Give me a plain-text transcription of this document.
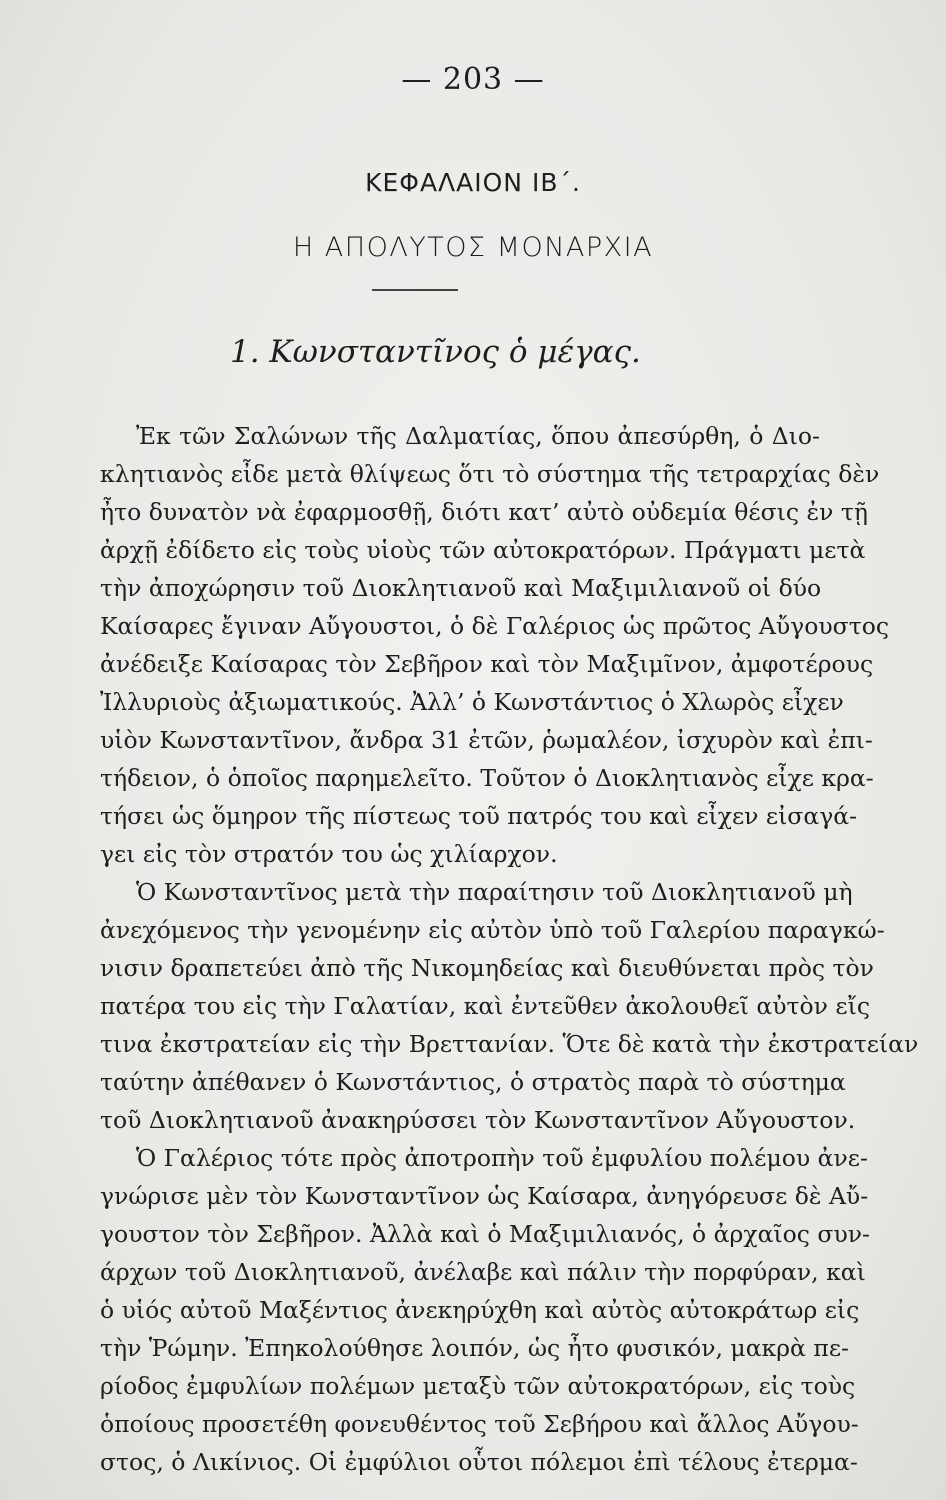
— 203 —
ΚΕΦΑΛΑΙΟΝ ΙΒ΄.
Η ΑΠΟΛΥΤΟΣ ΜΟΝΑΡΧΙΑ
1. Κωνσταντῖνος ὁ μέγας.
Ἐκ τῶν Σαλώνων τῆς Δαλματίας, ὅπου ἀπεσύρθη, ὁ Διο-
κλητιανὸς εἶδε μετὰ θλίψεως ὅτι τὸ σύστημα τῆς τετραρχίας δὲν
ἦτο δυνατὸν νὰ ἐφαρμοσθῇ, διότι κατ’ αὐτὸ οὐδεμία θέσις ἐν τῇ
ἀρχῇ ἐδίδετο εἰς τοὺς υἱοὺς τῶν αὐτοκρατόρων. Πράγματι μετὰ
τὴν ἀποχώρησιν τοῦ Διοκλητιανοῦ καὶ Μαξιμιλιανοῦ οἱ δύο
Καίσαρες ἔγιναν Αὔγουστοι, ὁ δὲ Γαλέριος ὡς πρῶτος Αὔγουστος
ἀνέδειξε Καίσαρας τὸν Σεβῆρον καὶ τὸν Μαξιμῖνον, ἀμφοτέρους
Ἰλλυριοὺς ἀξιωματικούς. Ἀλλ’ ὁ Κωνστάντιος ὁ Χλωρὸς εἶχεν
υἱὸν Κωνσταντῖνον, ἄνδρα 31 ἐτῶν, ῥωμαλέον, ἰσχυρὸν καὶ ἐπι-
τήδειον, ὁ ὁποῖος παρημελεῖτο. Τοῦτον ὁ Διοκλητιανὸς εἶχε κρα-
τήσει ὡς ὅμηρον τῆς πίστεως τοῦ πατρός του καὶ εἶχεν εἰσαγά-
γει εἰς τὸν στρατόν του ὡς χιλίαρχον.
Ὁ Κωνσταντῖνος μετὰ τὴν παραίτησιν τοῦ Διοκλητιανοῦ μὴ
ἀνεχόμενος τὴν γενομένην εἰς αὐτὸν ὑπὸ τοῦ Γαλερίου παραγκώ-
νισιν δραπετεύει ἀπὸ τῆς Νικομηδείας καὶ διευθύνεται πρὸς τὸν
πατέρα του εἰς τὴν Γαλατίαν, καὶ ἐντεῦθεν ἀκολουθεῖ αὐτὸν εἴς
τινα ἐκστρατείαν εἰς τὴν Βρεττανίαν. Ὅτε δὲ κατὰ τὴν ἐκστρατείαν
ταύτην ἀπέθανεν ὁ Κωνστάντιος, ὁ στρατὸς παρὰ τὸ σύστημα
τοῦ Διοκλητιανοῦ ἀνακηρύσσει τὸν Κωνσταντῖνον Αὔγουστον.
Ὁ Γαλέριος τότε πρὸς ἀποτροπὴν τοῦ ἐμφυλίου πολέμου ἀνε-
γνώρισε μὲν τὸν Κωνσταντῖνον ὡς Καίσαρα, ἀνηγόρευσε δὲ Αὔ-
γουστον τὸν Σεβῆρον. Ἀλλὰ καὶ ὁ Μαξιμιλιανός, ὁ ἀρχαῖος συν-
άρχων τοῦ Διοκλητιανοῦ, ἀνέλαβε καὶ πάλιν τὴν πορφύραν, καὶ
ὁ υἱός αὐτοῦ Μαξέντιος ἀνεκηρύχθη καὶ αὐτὸς αὐτοκράτωρ εἰς
τὴν Ῥώμην. Ἐπηκολούθησε λοιπόν, ὡς ἦτο φυσικόν, μακρὰ πε-
ρίοδος ἐμφυλίων πολέμων μεταξὺ τῶν αὐτοκρατόρων, εἰς τοὺς
ὁποίους προσετέθη φονευθέντος τοῦ Σεβήρου καὶ ἄλλος Αὔγου-
στος, ὁ Λικίνιος. Οἱ ἐμφύλιοι οὗτοι πόλεμοι ἐπὶ τέλους ἐτερμα-
